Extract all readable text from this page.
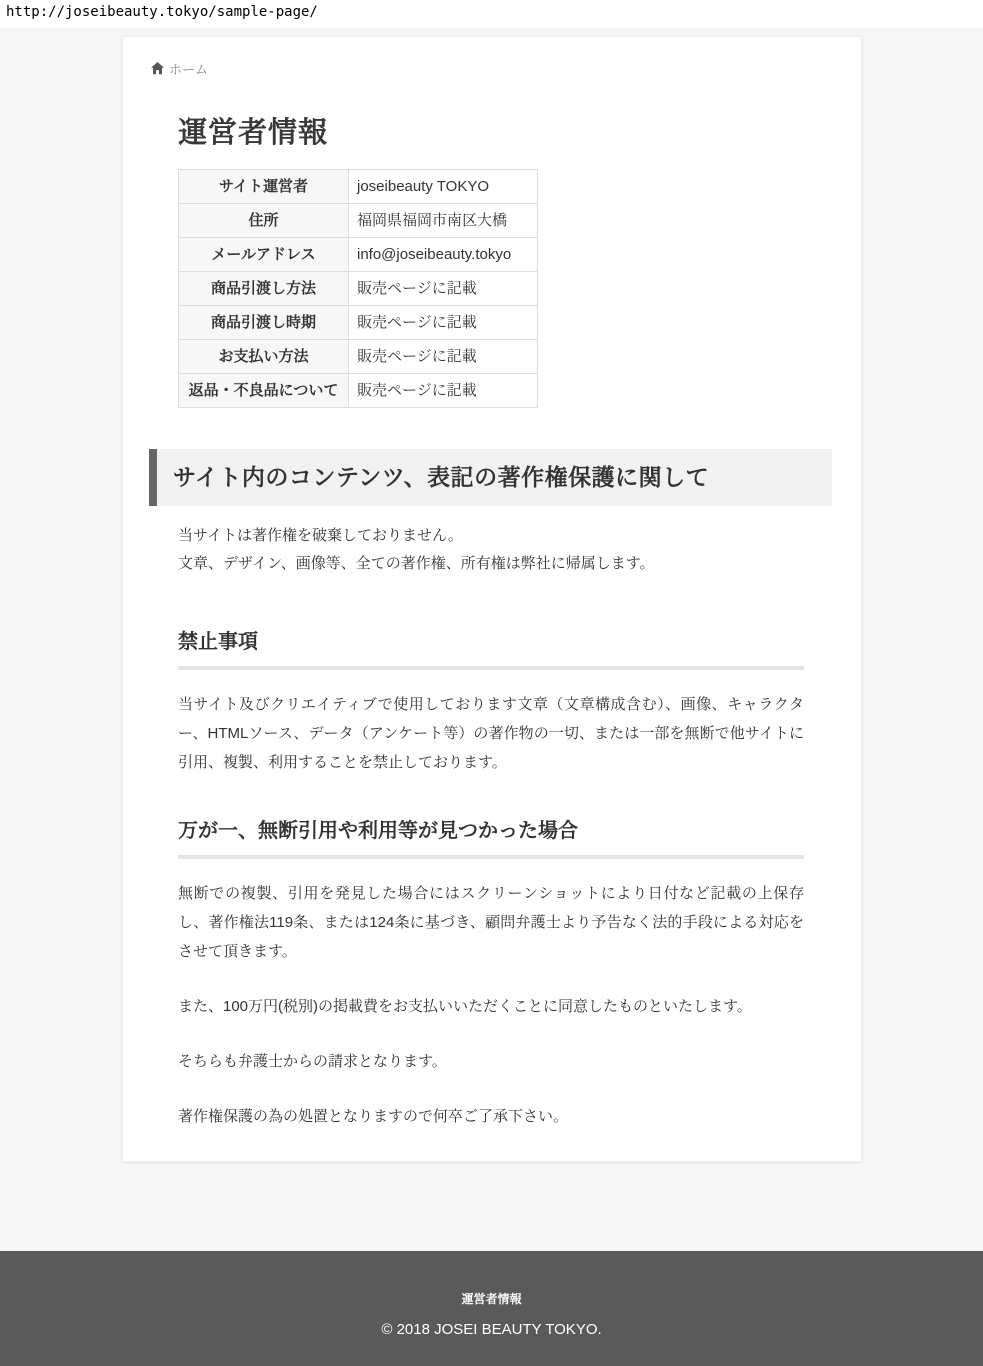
http://joseibeauty.tokyo/sample-page/
ホーム
運営者情報
サイト運営者	joseibeauty TOKYO
住所	福岡県福岡市南区大橋
メールアドレス	info@joseibeauty.tokyo
商品引渡し方法	販売ページに記載
商品引渡し時期	販売ページに記載
お支払い方法	販売ページに記載
返品・不良品について	販売ページに記載
サイト内のコンテンツ、表記の著作権保護に関して

当サイトは著作権を破棄しておりません。
文章、デザイン、画像等、全ての著作権、所有権は弊社に帰属します。

禁止事項

当サイト及びクリエイティブで使用しております文章（文章構成含む）、画像、キャラクター、HTMLソース、データ（アンケート等）の著作物の一切、または一部を無断で他サイトに引用、複製、利用することを禁止しております。

万が一、無断引用や利用等が見つかった場合

無断での複製、引用を発見した場合にはスクリーンショットにより日付など記載の上保存し、著作権法119条、または124条に基づき、顧問弁護士より予告なく法的手段による対応をさせて頂きます。

また、100万円(税別)の掲載費をお支払いいただくことに同意したものといたします。

そちらも弁護士からの請求となります。

著作権保護の為の処置となりますので何卒ご了承下さい。

運営者情報
© 2018 JOSEI BEAUTY TOKYO.
